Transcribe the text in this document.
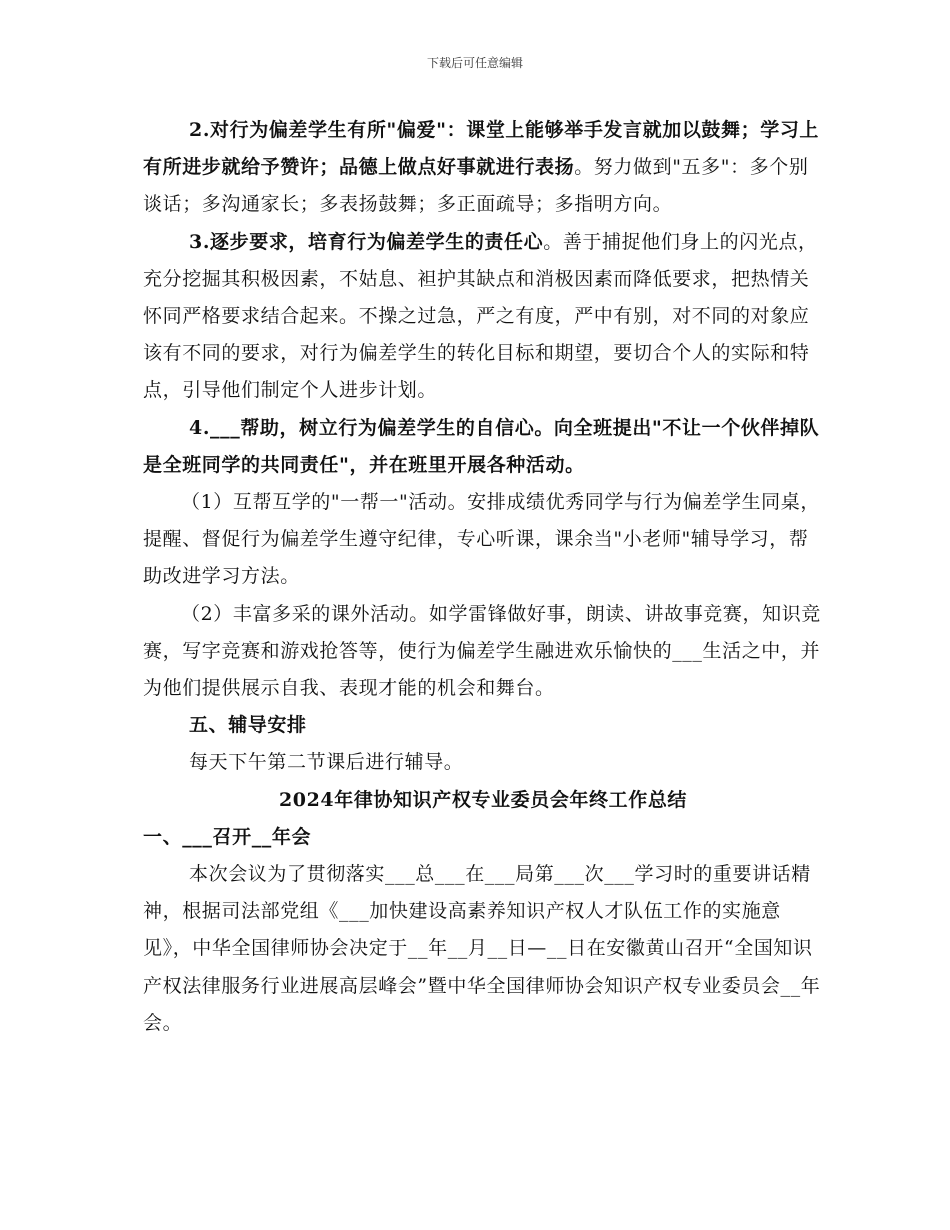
下载后可任意编辑

2.对行为偏差学生有所"偏爱"：课堂上能够举手发言就加以鼓舞；学习上有所进步就给予赞许；品德上做点好事就进行表扬。努力做到"五多"：多个别谈话；多沟通家长；多表扬鼓舞；多正面疏导；多指明方向。

3.逐步要求，培育行为偏差学生的责任心。善于捕捉他们身上的闪光点，充分挖掘其积极因素，不姑息、袒护其缺点和消极因素而降低要求，把热情关怀同严格要求结合起来。不操之过急，严之有度，严中有别，对不同的对象应该有不同的要求，对行为偏差学生的转化目标和期望，要切合个人的实际和特点，引导他们制定个人进步计划。

4.___帮助，树立行为偏差学生的自信心。向全班提出"不让一个伙伴掉队是全班同学的共同责任"，并在班里开展各种活动。

（1）互帮互学的"一帮一"活动。安排成绩优秀同学与行为偏差学生同桌，提醒、督促行为偏差学生遵守纪律，专心听课，课余当"小老师"辅导学习，帮助改进学习方法。

（2）丰富多采的课外活动。如学雷锋做好事，朗读、讲故事竞赛，知识竞赛，写字竞赛和游戏抢答等，使行为偏差学生融进欢乐愉快的___生活之中，并为他们提供展示自我、表现才能的机会和舞台。

五、辅导安排

每天下午第二节课后进行辅导。

2024年律协知识产权专业委员会年终工作总结

一、___召开__年会

本次会议为了贯彻落实___总___在___局第___次___学习时的重要讲话精神，根据司法部党组《___加快建设高素养知识产权人才队伍工作的实施意见》，中华全国律师协会决定于__年__月__日—__日在安徽黄山召开“全国知识产权法律服务行业进展高层峰会”暨中华全国律师协会知识产权专业委员会__年会。
